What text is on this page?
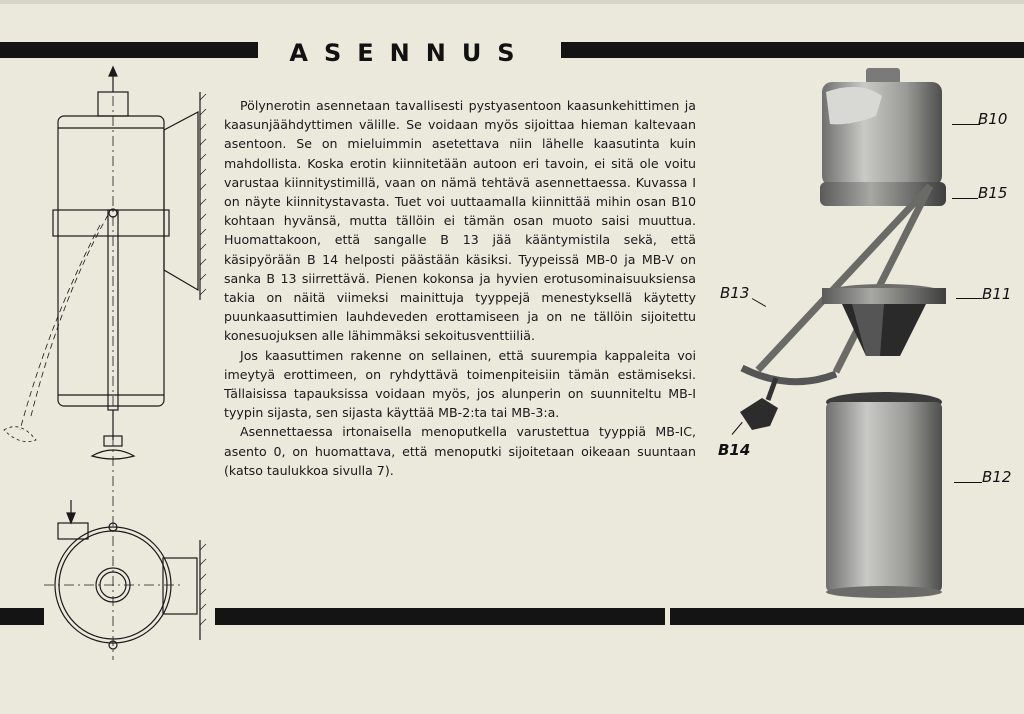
ASENNUS

Pölynerotin asennetaan tavallisesti pystyasentoon kaasunkehittimen ja kaasunjäähdyttimen välille. Se voidaan myös sijoittaa hieman kaltevaan asentoon. Se on mieluimmin asetettava niin lähelle kaasutinta kuin mahdollista. Koska erotin kiinnitetään autoon eri tavoin, ei sitä ole voitu varustaa kiinnitystimillä, vaan on nämä tehtävä asennettaessa. Kuvassa I on näyte kiinnitystavasta. Tuet voi uuttaamalla kiinnittää mihin osan B10 kohtaan hyvänsä, mutta tällöin ei tämän osan muoto saisi muuttua. Huomattakoon, että sangalle B 13 jää kääntymistila sekä, että käsipyörään B 14 helposti päästään käsiksi. Tyypeissä MB-0 ja MB-V on sanka B 13 siirrettävä. Pienen kokonsa ja hyvien erotusominaisuuksiensa takia on näitä viimeksi mainittuja tyyppejä menestyksellä käytetty puunkaasuttimien lauhdeveden erottamiseen ja on ne tällöin sijoitettu konesuojuksen alle lähimmäksi sekoitusventtiiliä.

Jos kaasuttimen rakenne on sellainen, että suurempia kappaleita voi imeytyä erottimeen, on ryhdyttävä toimenpiteisiin tämän estämiseksi. Tällaisissa tapauksissa voidaan myös, jos alunperin on suunniteltu MB-I tyypin sijasta, sen sijasta käyttää MB-2:ta tai MB-3:a.

Asennettaessa irtonaisella menoputkella varustettua tyyppiä MB-IC, asento 0, on huomattava, että menoputki sijoitetaan oikeaan suuntaan (katso taulukkoa sivulla 7).

B10
B15
B13	B11
B14
B12
